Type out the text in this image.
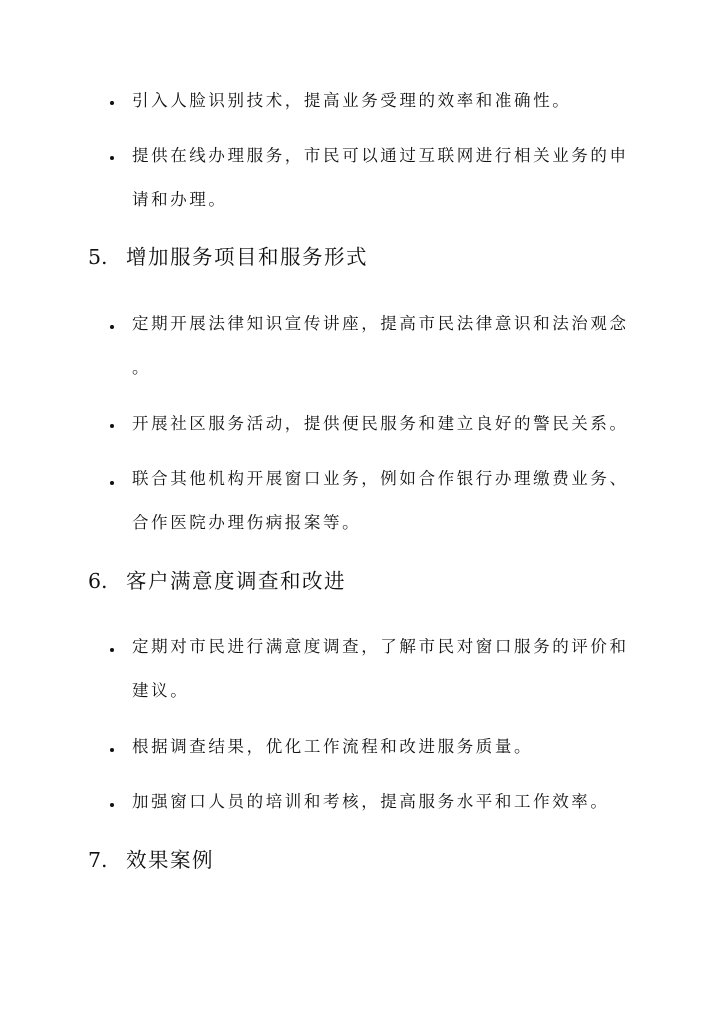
引入人脸识别技术，提高业务受理的效率和准确性。
提供在线办理服务，市民可以通过互联网进行相关业务的申
请和办理。
5. 增加服务项目和服务形式
定期开展法律知识宣传讲座，提高市民法律意识和法治观念
。
开展社区服务活动，提供便民服务和建立良好的警民关系。
联合其他机构开展窗口业务，例如合作银行办理缴费业务、
合作医院办理伤病报案等。
6. 客户满意度调查和改进
定期对市民进行满意度调查，了解市民对窗口服务的评价和
建议。
根据调查结果，优化工作流程和改进服务质量。
加强窗口人员的培训和考核，提高服务水平和工作效率。
7. 效果案例
